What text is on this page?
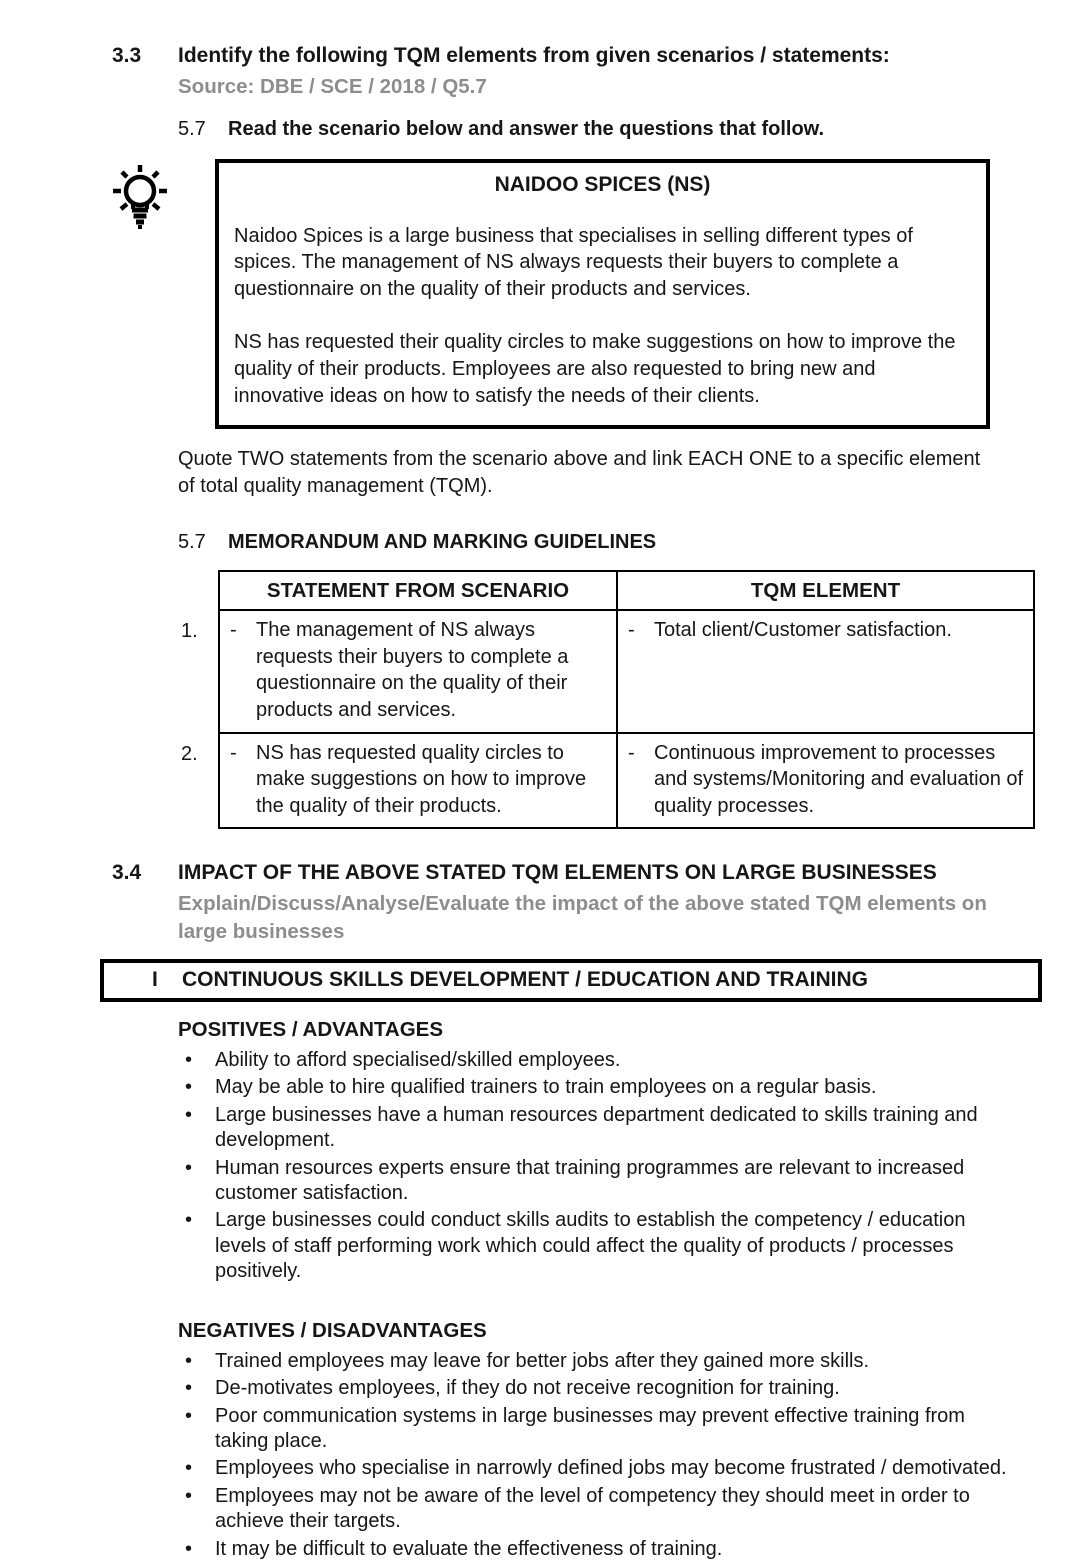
3.3	Identify the following TQM elements from given scenarios / statements:
Source: DBE / SCE / 2018 / Q5.7
5.7	Read the scenario below and answer the questions that follow.
NAIDOO SPICES (NS)

Naidoo Spices is a large business that specialises in selling different types of spices. The management of NS always requests their buyers to complete a questionnaire on the quality of their products and services.

NS has requested their quality circles to make suggestions on how to improve the quality of their products. Employees are also requested to bring new and innovative ideas on how to satisfy the needs of their clients.

Quote TWO statements from the scenario above and link EACH ONE to a specific element of total quality management (TQM).

5.7	MEMORANDUM AND MARKING GUIDELINES
	STATEMENT FROM SCENARIO	TQM ELEMENT
1.	- The management of NS always requests their buyers to complete a questionnaire on the quality of their products and services.	- Total client/Customer satisfaction.

2.	- NS has requested quality circles to make suggestions on how to improve the quality of their products.	- Continuous improvement to processes and systems/Monitoring and evaluation of quality processes.
3.4	IMPACT OF THE ABOVE STATED TQM ELEMENTS ON LARGE BUSINESSES
Explain/Discuss/Analyse/Evaluate the impact of the above stated TQM elements on large businesses
I	CONTINUOUS SKILLS DEVELOPMENT / EDUCATION AND TRAINING
POSITIVES / ADVANTAGES
•	Ability to afford specialised/skilled employees.
•	May be able to hire qualified trainers to train employees on a regular basis.
•	Large businesses have a human resources department dedicated to skills training and development.
•	Human resources experts ensure that training programmes are relevant to increased customer satisfaction.
•	Large businesses could conduct skills audits to establish the competency / education levels of staff performing work which could affect the quality of products / processes positively.
NEGATIVES / DISADVANTAGES
•	Trained employees may leave for better jobs after they gained more skills.
•	De-motivates employees, if they do not receive recognition for training.
•	Poor communication systems in large businesses may prevent effective training from taking place.
•	Employees who specialise in narrowly defined jobs may become frustrated / demotivated.
•	Employees may not be aware of the level of competency they should meet in order to achieve their targets.
•	It may be difficult to evaluate the effectiveness of training.
